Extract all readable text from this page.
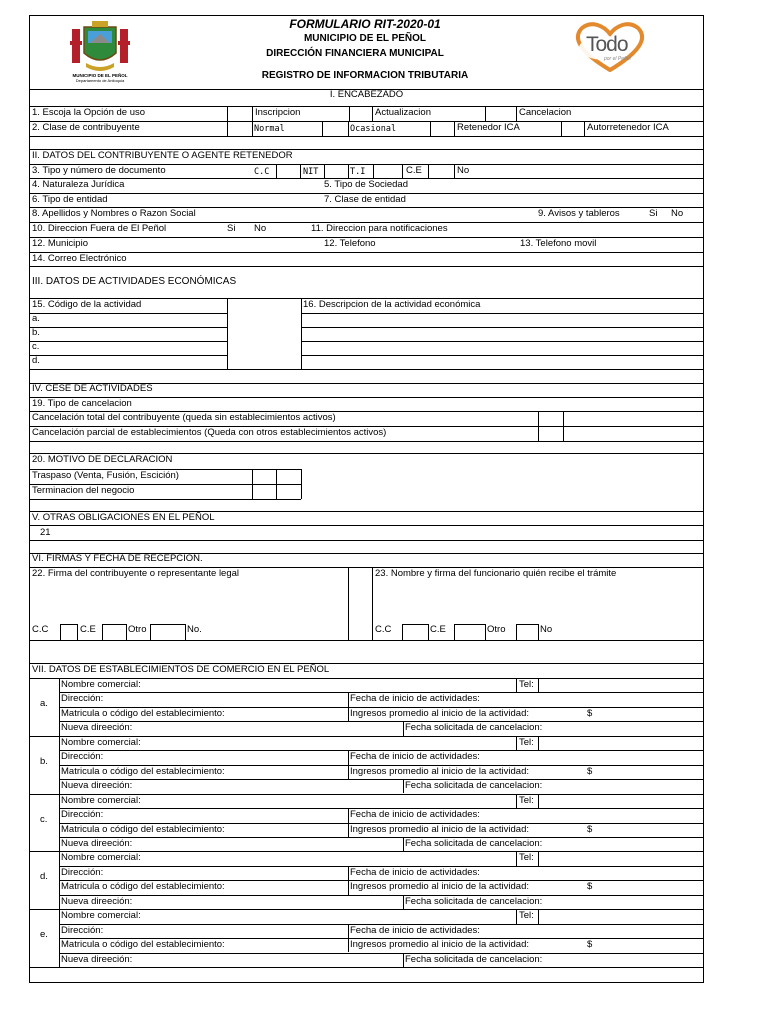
MUNICIPIO DE EL PEÑOL
Departamento de Antioquia
FORMULARIO RIT-2020-01
MUNICIPIO DE EL PEÑOL
DIRECCIÓN FINANCIERA MUNICIPAL
REGISTRO DE INFORMACION TRIBUTARIA
Todo
por el Peñol
I. ENCABEZADO
1. Escoja la Opción de uso	Inscripcion	Actualizacion	Cancelacion
2. Clase de contribuyente	Normal	Ocasional	Retenedor ICA	Autorretenedor ICA
II. DATOS DEL CONTRIBUYENTE O AGENTE RETENEDOR
3. Tipo y número de documento	C.C	NIT	T.I	C.E	No
4. Naturaleza Jurídica	5. Tipo de Sociedad
6. Tipo de entidad	7. Clase de entidad
8. Apellidos y Nombres o Razon Social	9. Avisos y tableros	Si No
10. Direccion Fuera de El Peñol	Si No	11. Direccion para notificaciones
12. Municipio	12. Telefono	13. Telefono movil
14. Correo Electrónico
III. DATOS DE ACTIVIDADES ECONÓMICAS
15. Código de la actividad	16. Descripcion de la actividad económica
a.
b.
c.
d.
IV. CESE DE ACTIVIDADES
19. Tipo de cancelacion
Cancelación total del contribuyente (queda sin establecimientos activos)
Cancelación parcial de establecimientos (Queda con otros establecimientos activos)
20. MOTIVO DE DECLARACION
Traspaso (Venta, Fusión, Escición)
Terminacion del negocio
V. OTRAS OBLIGACIONES EN EL PEÑOL
21
VI. FIRMAS Y FECHA DE RECEPCION.
22. Firma del contribuyente o representante legal	23. Nombre y firma del funcionario quién recibe el trámite
C.C	C.E	Otro	No.	C.C	C.E	Otro	No
VII. DATOS DE ESTABLECIMIENTOS DE COMERCIO EN EL PEÑOL
a.
Nombre comercial:	Tel:
Dirección:	Fecha de inicio de actividades:
Matricula o código del establecimiento:	Ingresos promedio al inicio de la actividad:	$
Nueva direeción:	Fecha solicitada de cancelacion:
b.
Nombre comercial:	Tel:
Dirección:	Fecha de inicio de actividades:
Matricula o código del establecimiento:	Ingresos promedio al inicio de la actividad:	$
Nueva direeción:	Fecha solicitada de cancelacion:
c.
Nombre comercial:	Tel:
Dirección:	Fecha de inicio de actividades:
Matricula o código del establecimiento:	Ingresos promedio al inicio de la actividad:	$
Nueva direeción:	Fecha solicitada de cancelacion:
d.
Nombre comercial:	Tel:
Dirección:	Fecha de inicio de actividades:
Matricula o código del establecimiento:	Ingresos promedio al inicio de la actividad:	$
Nueva direeción:	Fecha solicitada de cancelacion:
e.
Nombre comercial:	Tel:
Dirección:	Fecha de inicio de actividades:
Matricula o código del establecimiento:	Ingresos promedio al inicio de la actividad:	$
Nueva direeción:	Fecha solicitada de cancelacion:
